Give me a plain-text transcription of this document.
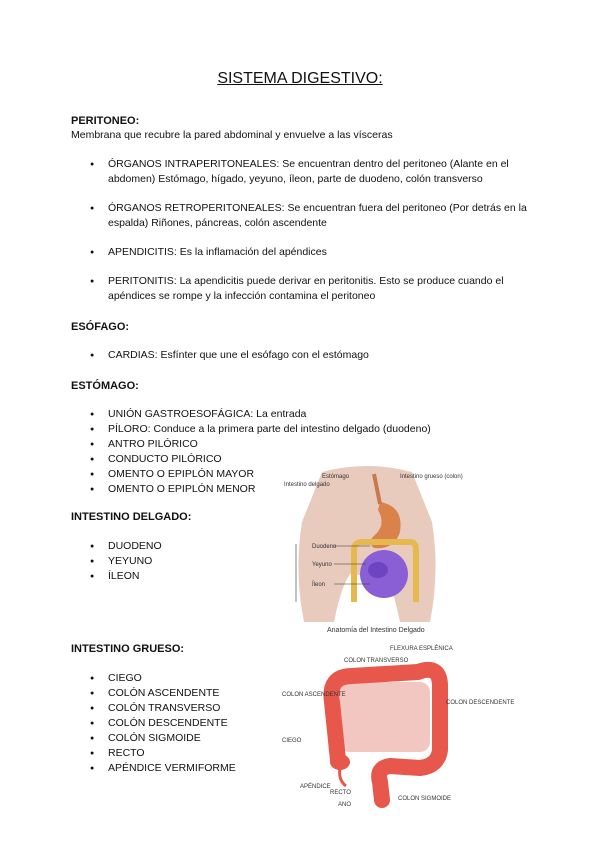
SISTEMA DIGESTIVO:

PERITONEO:

Membrana que recubre la pared abdominal y envuelve a las vísceras

● ÓRGANOS INTRAPERITONEALES: Se encuentran dentro del peritoneo (Alante en el abdomen) Estómago, hígado, yeyuno, íleon, parte de duodeno, colón transverso
● ÓRGANOS RETROPERITONEALES: Se encuentran fuera del peritoneo (Por detrás en la espalda) Riñones, páncreas, colón ascendente
● APENDICITIS: Es la inflamación del apéndices
● PERITONITIS: La apendicitis puede derivar en peritonitis. Esto se produce cuando el apéndices se rompe y la infección contamina el peritoneo

ESÓFAGO:

● CARDIAS: Esfínter que une el esófago con el estómago

ESTÓMAGO:

● UNIÓN GASTROESOFÁGICA: La entrada
● PÍLORO: Conduce a la primera parte del intestino delgado (duodeno)
● ANTRO PILÓRICO
● CONDUCTO PILÓRICO
● OMENTO O EPIPLÓN MAYOR
● OMENTO O EPIPLÓN MENOR

INTESTINO DELGADO:

● DUODENO
● YEYUNO
● ÍLEON
Estómago	Intestino grueso (colon)
Intestino delgado
Duodeno
Yeyuno
Íleon
Anatomía del Intestino Delgado

INTESTINO GRUESO:

● CIEGO
● COLÓN ASCENDENTE
● COLÓN TRANSVERSO
● COLÓN DESCENDENTE
● COLÓN SIGMOIDE
● RECTO
● APÉNDICE VERMIFORME
FLEXURA ESPLÉNICA
COLON TRANSVERSO
COLON ASCENDENTE
COLON DESCENDENTE
CIEGO
APÉNDICE
RECTO
COLON SIGMOIDE
ANO
